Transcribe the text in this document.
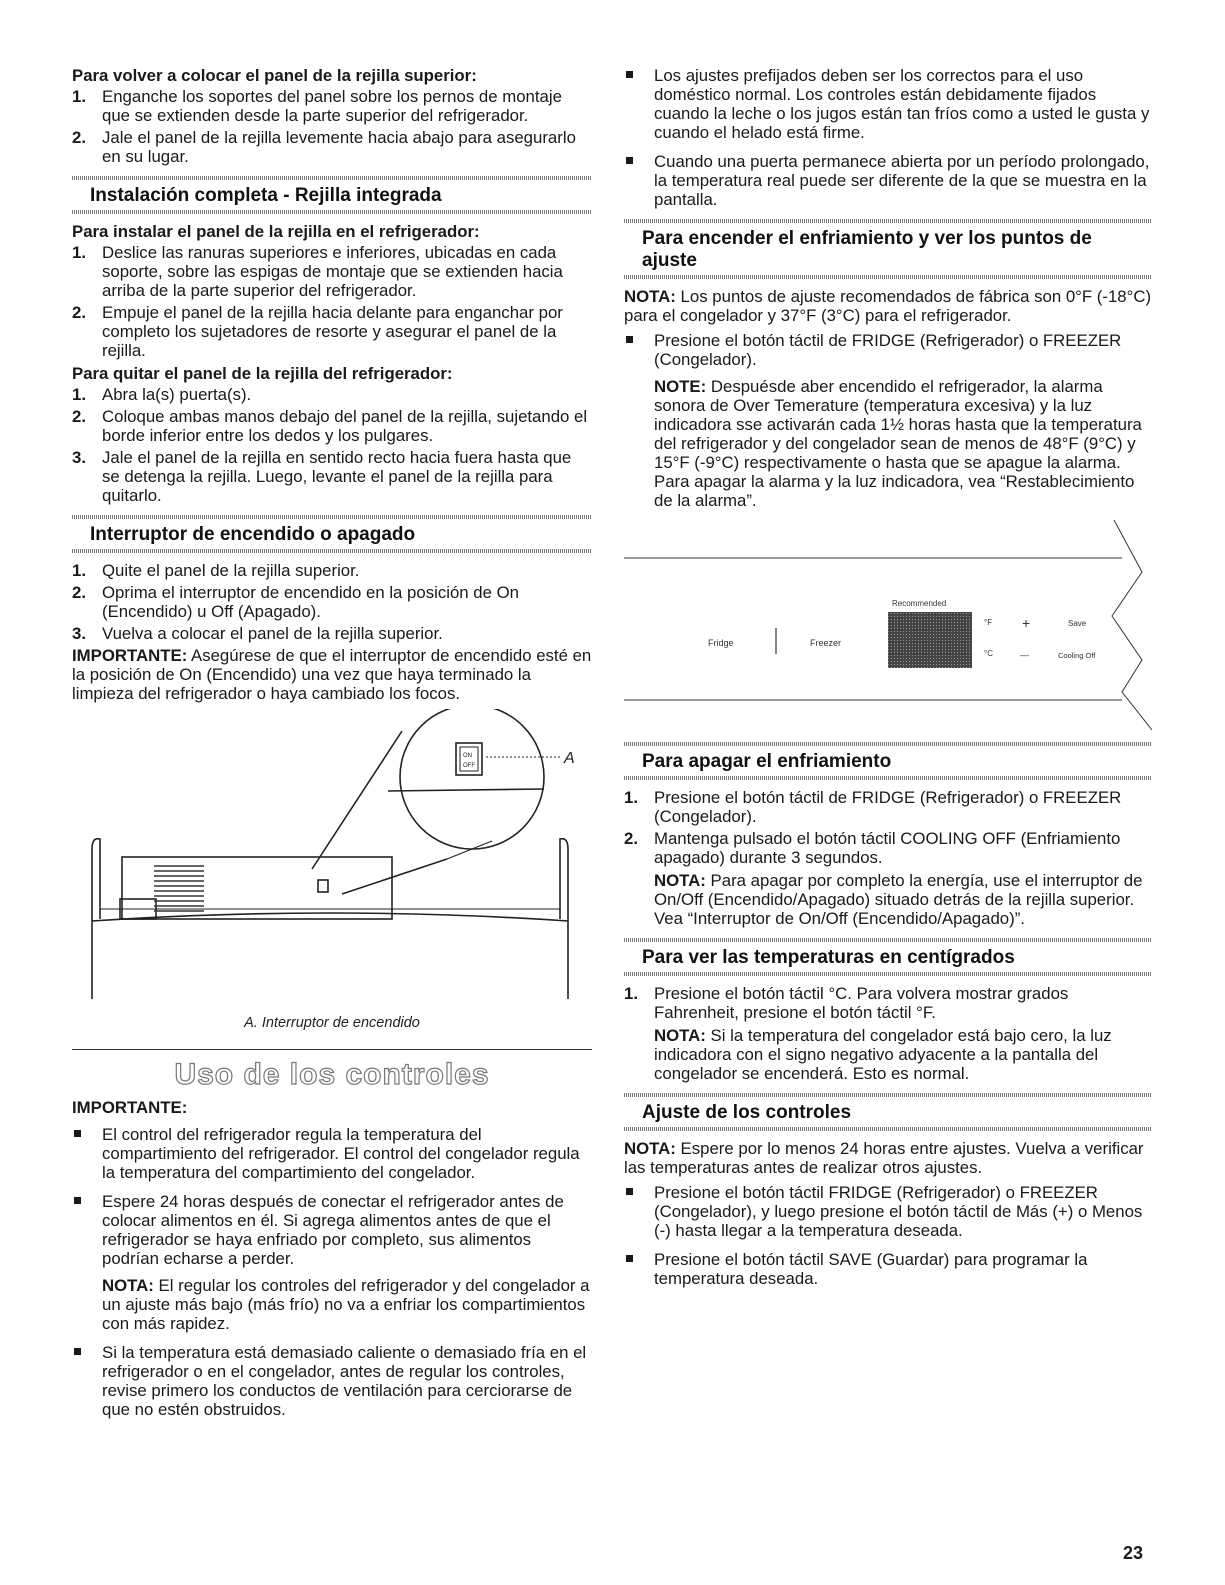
Para volver a colocar el panel de la rejilla superior:
1. Enganche los soportes del panel sobre los pernos de montaje que se extienden desde la parte superior del refrigerador.
2. Jale el panel de la rejilla levemente hacia abajo para asegurarlo en su lugar.
Instalación completa - Rejilla integrada
Para instalar el panel de la rejilla en el refrigerador:
1. Deslice las ranuras superiores e inferiores, ubicadas en cada soporte, sobre las espigas de montaje que se extienden hacia arriba de la parte superior del refrigerador.
2. Empuje el panel de la rejilla hacia delante para enganchar por completo los sujetadores de resorte y asegurar el panel de la rejilla.
Para quitar el panel de la rejilla del refrigerador:
1. Abra la(s) puerta(s).
2. Coloque ambas manos debajo del panel de la rejilla, sujetando el borde inferior entre los dedos y los pulgares.
3. Jale el panel de la rejilla en sentido recto hacia fuera hasta que se detenga la rejilla. Luego, levante el panel de la rejilla para quitarlo.
Interruptor de encendido o apagado
1. Quite el panel de la rejilla superior.
2. Oprima el interruptor de encendido en la posición de On (Encendido) u Off (Apagado).
3. Vuelva a colocar el panel de la rejilla superior.

IMPORTANTE: Asegúrese de que el interruptor de encendido esté en la posición de On (Encendido) una vez que haya terminado la limpieza del refrigerador o haya cambiado los focos.

ON
OFF	A

A. Interruptor de encendido

Uso de los controles
IMPORTANTE:
El control del refrigerador regula la temperatura del compartimiento del refrigerador. El control del congelador regula la temperatura del compartimiento del congelador.
Espere 24 horas después de conectar el refrigerador antes de colocar alimentos en él. Si agrega alimentos antes de que el refrigerador se haya enfriado por completo, sus alimentos podrían echarse a perder.

NOTA: El regular los controles del refrigerador y del congelador a un ajuste más bajo (más frío) no va a enfriar los compartimientos con más rapidez.

Si la temperatura está demasiado caliente o demasiado fría en el refrigerador o en el congelador, antes de regular los controles, revise primero los conductos de ventilación para cerciorarse de que no estén obstruidos.
Los ajustes prefijados deben ser los correctos para el uso doméstico normal. Los controles están debidamente fijados cuando la leche o los jugos están tan fríos como a usted le gusta y cuando el helado está firme.
Cuando una puerta permanece abierta por un período prolongado, la temperatura real puede ser diferente de la que se muestra en la pantalla.
Para encender el enfriamiento y ver los puntos de ajuste

NOTA: Los puntos de ajuste recomendados de fábrica son 0°F (-18°C) para el congelador y 37°F (3°C) para el refrigerador.

Presione el botón táctil de FRIDGE (Refrigerador) o FREEZER (Congelador).

NOTE: Despuésde aber encendido el refrigerador, la alarma sonora de Over Temerature (temperatura excesiva) y la luz indicadora sse activarán cada 1½ horas hasta que la temperatura del refrigerador y del congelador sean de menos de 48°F (9°C) y 15°F (-9°C) respectivamente o hasta que se apague la alarma. Para apagar la alarma y la luz indicadora, vea “Restablecimiento de la alarma”.

Recommended
Fridge	Freezer
°F
°C
+
—
Save
Cooling Off
Para apagar el enfriamiento
1. Presione el botón táctil de FRIDGE (Refrigerador) o FREEZER (Congelador).
2. Mantenga pulsado el botón táctil COOLING OFF (Enfriamiento apagado) durante 3 segundos.

NOTA: Para apagar por completo la energía, use el interruptor de On/Off (Encendido/Apagado) situado detrás de la rejilla superior. Vea “Interruptor de On/Off (Encendido/Apagado)”.

Para ver las temperaturas en centígrados
1. Presione el botón táctil °C. Para volvera mostrar grados Fahrenheit, presione el botón táctil °F.

NOTA: Si la temperatura del congelador está bajo cero, la luz indicadora con el signo negativo adyacente a la pantalla del congelador se encenderá. Esto es normal.

Ajuste de los controles

NOTA: Espere por lo menos 24 horas entre ajustes. Vuelva a verificar las temperaturas antes de realizar otros ajustes.

Presione el botón táctil FRIDGE (Refrigerador) o FREEZER (Congelador), y luego presione el botón táctil de Más (+) o Menos (-) hasta llegar a la temperatura deseada.
Presione el botón táctil SAVE (Guardar) para programar la temperatura deseada.
23
